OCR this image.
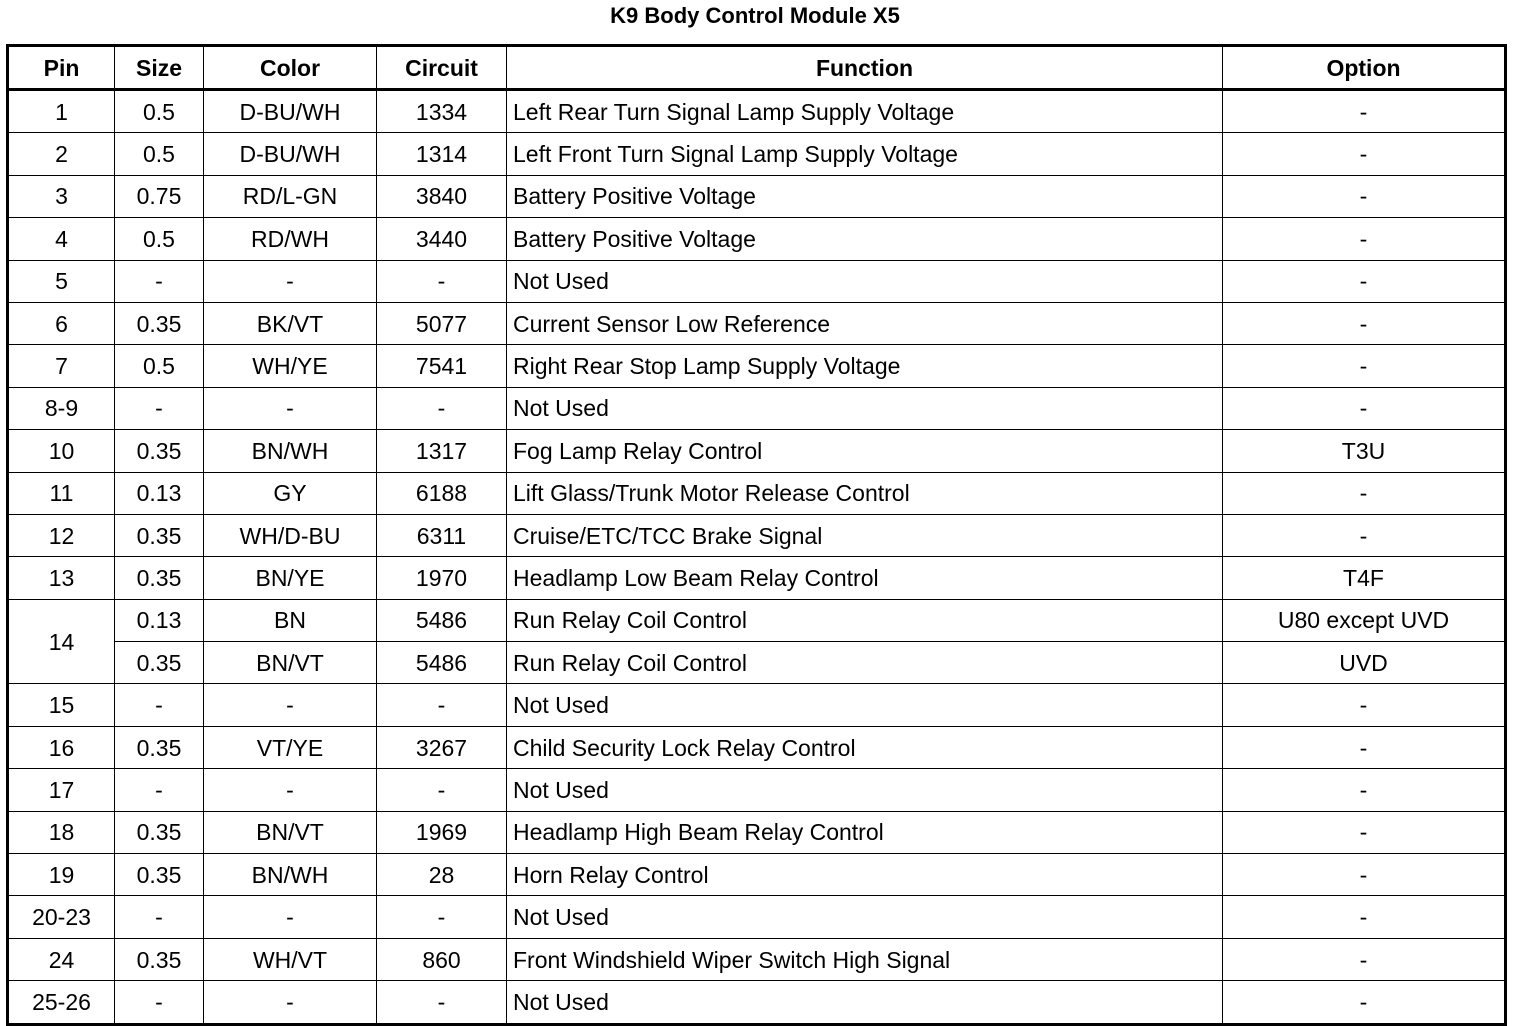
K9 Body Control Module X5
Pin	Size	Color	Circuit	Function	Option
1	0.5	D-BU/WH	1334	Left Rear Turn Signal Lamp Supply Voltage	-
2	0.5	D-BU/WH	1314	Left Front Turn Signal Lamp Supply Voltage	-
3	0.75	RD/L-GN	3840	Battery Positive Voltage	-
4	0.5	RD/WH	3440	Battery Positive Voltage	-
5	-	-	-	Not Used	-
6	0.35	BK/VT	5077	Current Sensor Low Reference	-
7	0.5	WH/YE	7541	Right Rear Stop Lamp Supply Voltage	-
8-9	-	-	-	Not Used	-
10	0.35	BN/WH	1317	Fog Lamp Relay Control	T3U
11	0.13	GY	6188	Lift Glass/Trunk Motor Release Control	-
12	0.35	WH/D-BU	6311	Cruise/ETC/TCC Brake Signal	-
13	0.35	BN/YE	1970	Headlamp Low Beam Relay Control	T4F
14	0.13	BN	5486	Run Relay Coil Control	U80 except UVD
	0.35	BN/VT	5486	Run Relay Coil Control	UVD
15	-	-	-	Not Used	-
16	0.35	VT/YE	3267	Child Security Lock Relay Control	-
17	-	-	-	Not Used	-
18	0.35	BN/VT	1969	Headlamp High Beam Relay Control	-
19	0.35	BN/WH	28	Horn Relay Control	-
20-23	-	-	-	Not Used	-
24	0.35	WH/VT	860	Front Windshield Wiper Switch High Signal	-
25-26	-	-	-	Not Used	-
